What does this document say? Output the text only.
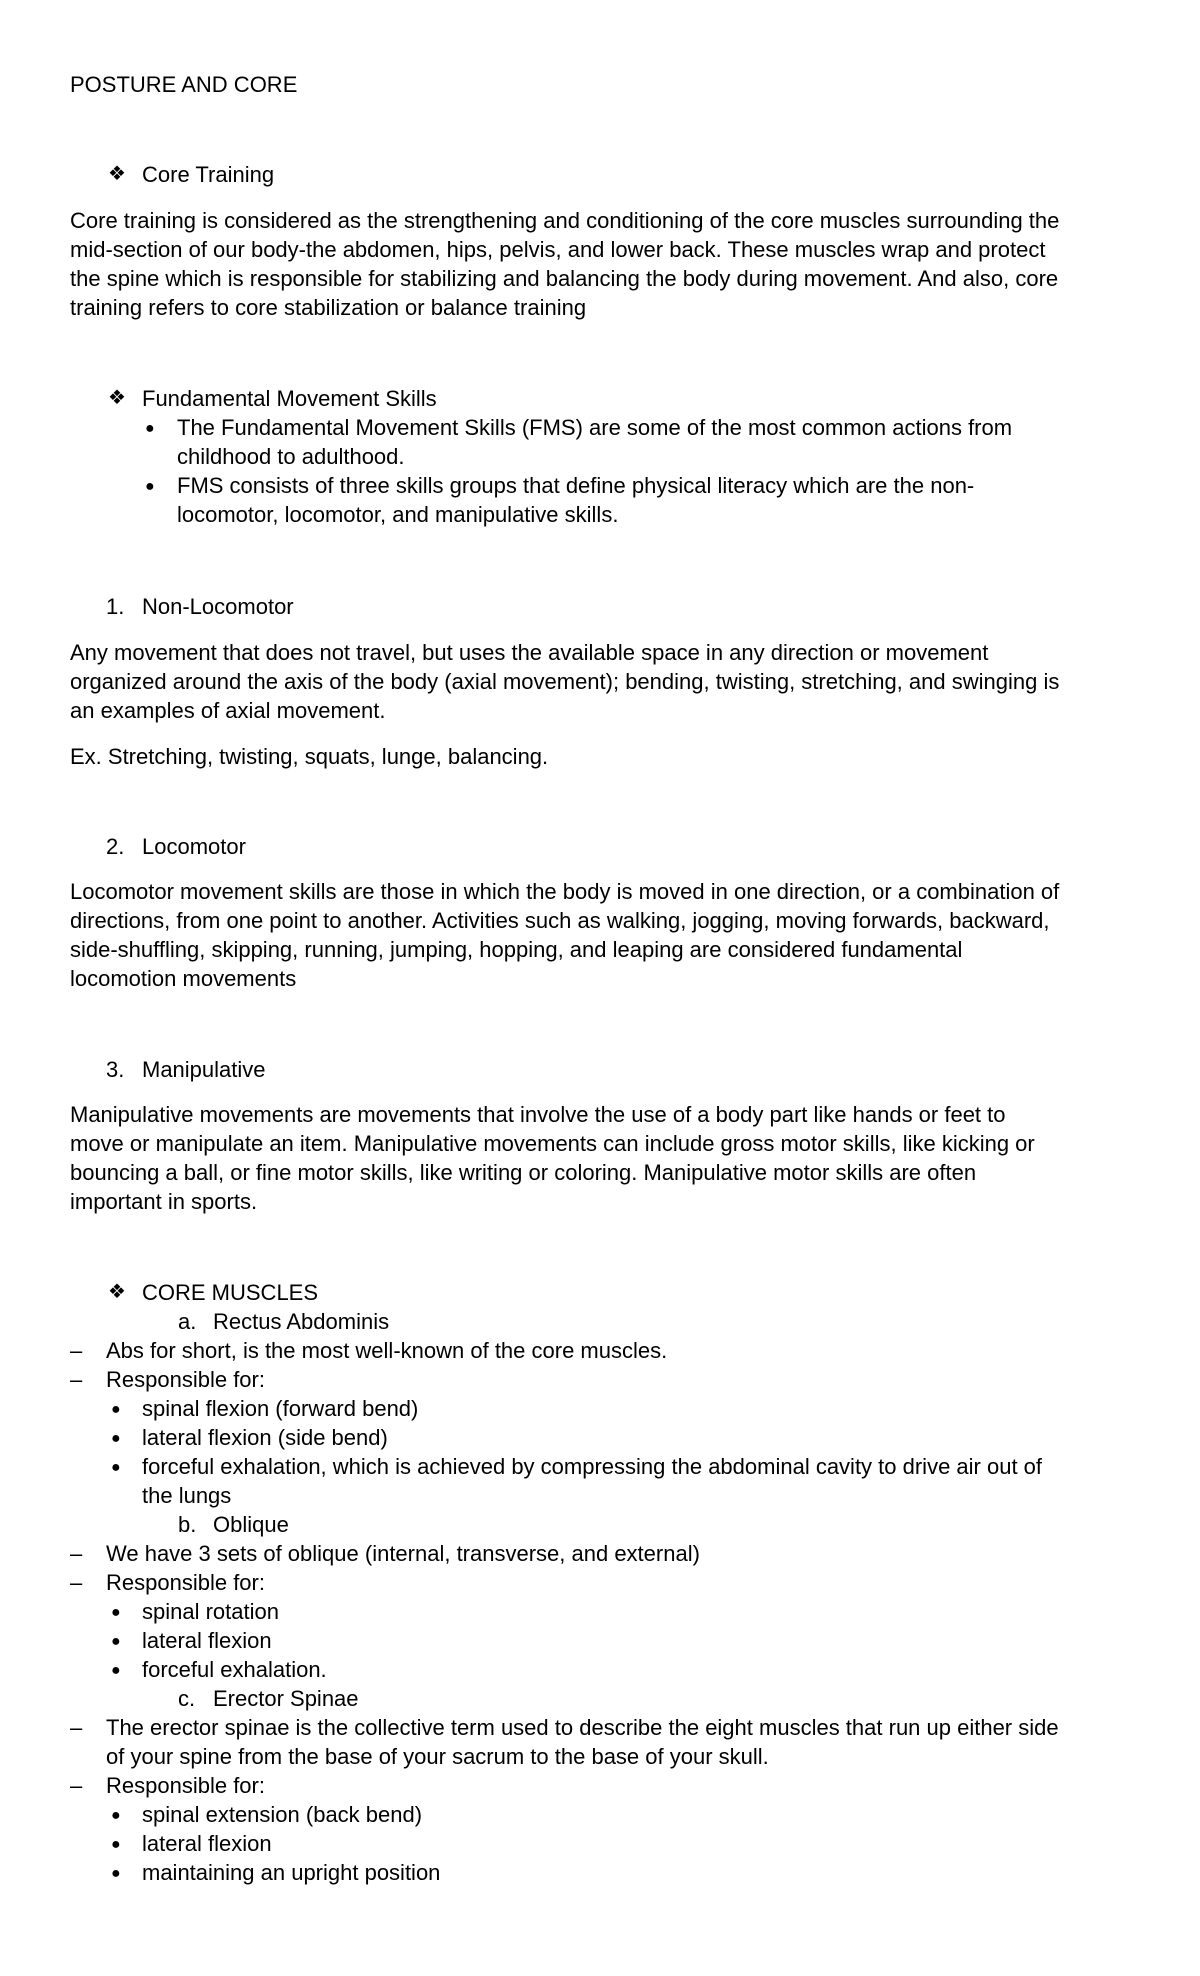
POSTURE AND CORE
❖ Core Training
Core training is considered as the strengthening and conditioning of the core muscles surrounding the
mid-section of our body-the abdomen, hips, pelvis, and lower back. These muscles wrap and protect
the spine which is responsible for stabilizing and balancing the body during movement. And also, core
training refers to core stabilization or balance training
❖ Fundamental Movement Skills
● The Fundamental Movement Skills (FMS) are some of the most common actions from
childhood to adulthood.
● FMS consists of three skills groups that define physical literacy which are the non-
locomotor, locomotor, and manipulative skills.
1. Non-Locomotor
Any movement that does not travel, but uses the available space in any direction or movement
organized around the axis of the body (axial movement); bending, twisting, stretching, and swinging is
an examples of axial movement.
Ex. Stretching, twisting, squats, lunge, balancing.
2. Locomotor
Locomotor movement skills are those in which the body is moved in one direction, or a combination of
directions, from one point to another. Activities such as walking, jogging, moving forwards, backward,
side-shuffling, skipping, running, jumping, hopping, and leaping are considered fundamental
locomotion movements
3. Manipulative
Manipulative movements are movements that involve the use of a body part like hands or feet to
move or manipulate an item. Manipulative movements can include gross motor skills, like kicking or
bouncing a ball, or fine motor skills, like writing or coloring. Manipulative motor skills are often
important in sports.
❖ CORE MUSCLES
a. Rectus Abdominis
– Abs for short, is the most well-known of the core muscles.
– Responsible for:
● spinal flexion (forward bend)
● lateral flexion (side bend)
● forceful exhalation, which is achieved by compressing the abdominal cavity to drive air out of
the lungs
b. Oblique
– We have 3 sets of oblique (internal, transverse, and external)
– Responsible for:
● spinal rotation
● lateral flexion
● forceful exhalation.
c. Erector Spinae
– The erector spinae is the collective term used to describe the eight muscles that run up either side
of your spine from the base of your sacrum to the base of your skull.
– Responsible for:
● spinal extension (back bend)
● lateral flexion
● maintaining an upright position
